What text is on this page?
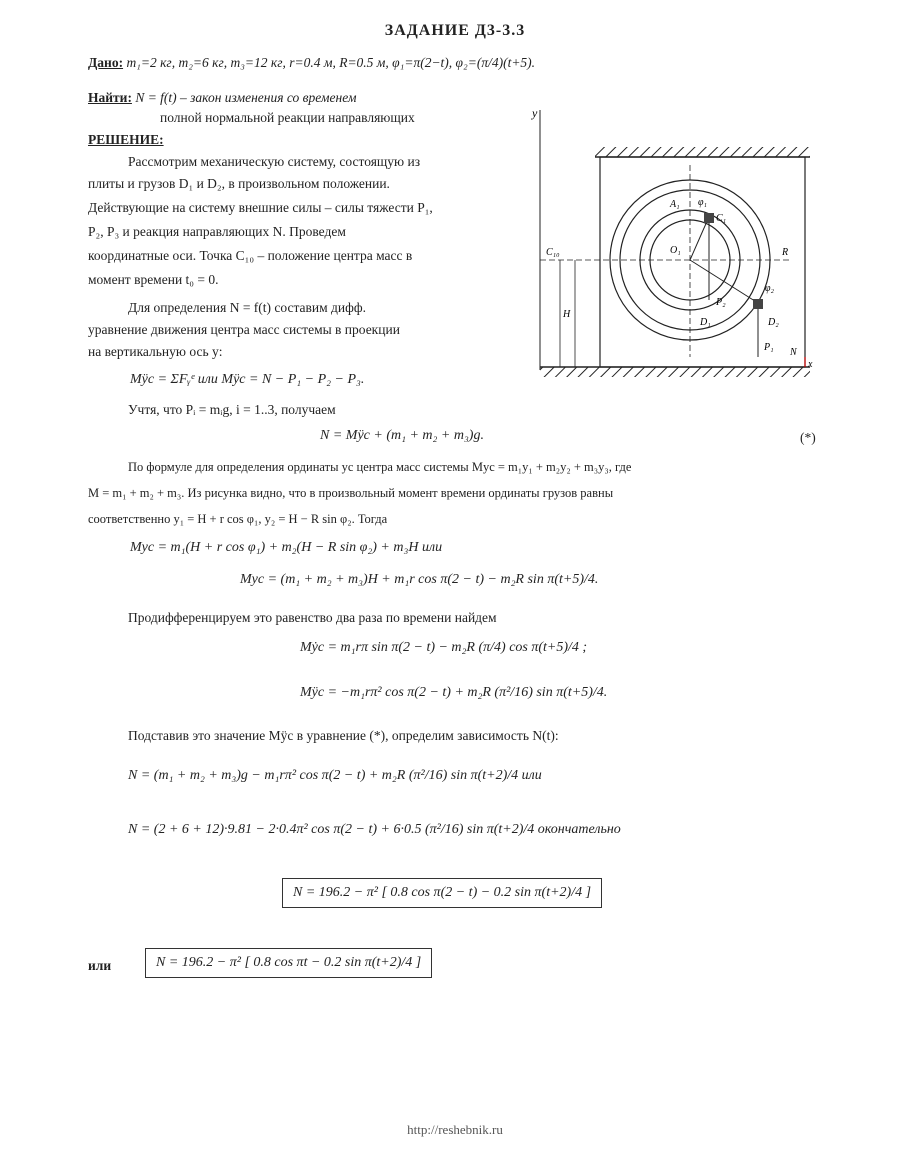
ЗАДАНИЕ Д3-3.3
Дано: m₁=2 кг, m₂=6 кг, m₃=12 кг, r=0.4 м, R=0.5 м, φ₁=π(2−t), φ₂=(π/4)(t+5).
Найти: N = f(t) – закон изменения со временем
полной нормальной реакции направляющих
РЕШЕНИЕ:
Рассмотрим механическую систему, состоящую из
плиты и грузов D₁ и D₂, в произвольном положении.
Действующие на систему внешние силы – силы тяжести P₁,
P₂, P₃ и реакция направляющих N. Проведем
координатные оси. Точка C₁₀ – положение центра масс в
момент времени t₀ = 0.
Для определения N = f(t) составим дифф.
уравнение движения центра масс системы в проекции
на вертикальную ось y:
Mÿc = ΣFᵧᵉ или Mÿc = N − P₁ − P₂ − P₃.
Учтя, что Pᵢ = mᵢg, i = 1..3, получаем
N = Mÿc + (m₁ + m₂ + m₃)g.	(*)
По формуле для определения ординаты yc центра масс системы Myc = m₁y₁ + m₂y₂ + m₃y₃, где
M = m₁ + m₂ + m₃. Из рисунка видно, что в произвольный момент времени ординаты грузов равны
соответственно y₁ = H + r cos φ₁, y₂ = H − R sin φ₂. Тогда
Myc = m₁(H + r cos φ₁) + m₂(H − R sin φ₂) + m₃H или
Myc = (m₁ + m₂ + m₃)H + m₁r cos π(2 − t) − m₂R sin π(t+5)/4.
Продифференцируем это равенство два раза по времени найдем
Mẏc = m₁rπ sin π(2 − t) − m₂R (π/4) cos π(t+5)/4 ;
Mÿc = −m₁rπ² cos π(2 − t) + m₂R (π²/16) sin π(t+5)/4.
Подставив это значение Mÿc в уравнение (*), определим зависимость N(t):
N = (m₁ + m₂ + m₃)g − m₁rπ² cos π(2 − t) + m₂R (π²/16) sin π(t+2)/4 или
N = (2 + 6 + 12)·9.81 − 2·0.4π² cos π(2 − t) + 6·0.5 (π²/16) sin π(t+2)/4 окончательно
N = 196.2 − π² [ 0.8 cos π(2 − t) − 0.2 sin π(t+2)/4 ]
или	N = 196.2 − π² [ 0.8 cos πt − 0.2 sin π(t+2)/4 ]
y
A₁ φ₁
C₁
O₁
D₁
C₁₀
H
P₂
φ₂
D₂
P₁
R
N
x
http://reshebnik.ru
